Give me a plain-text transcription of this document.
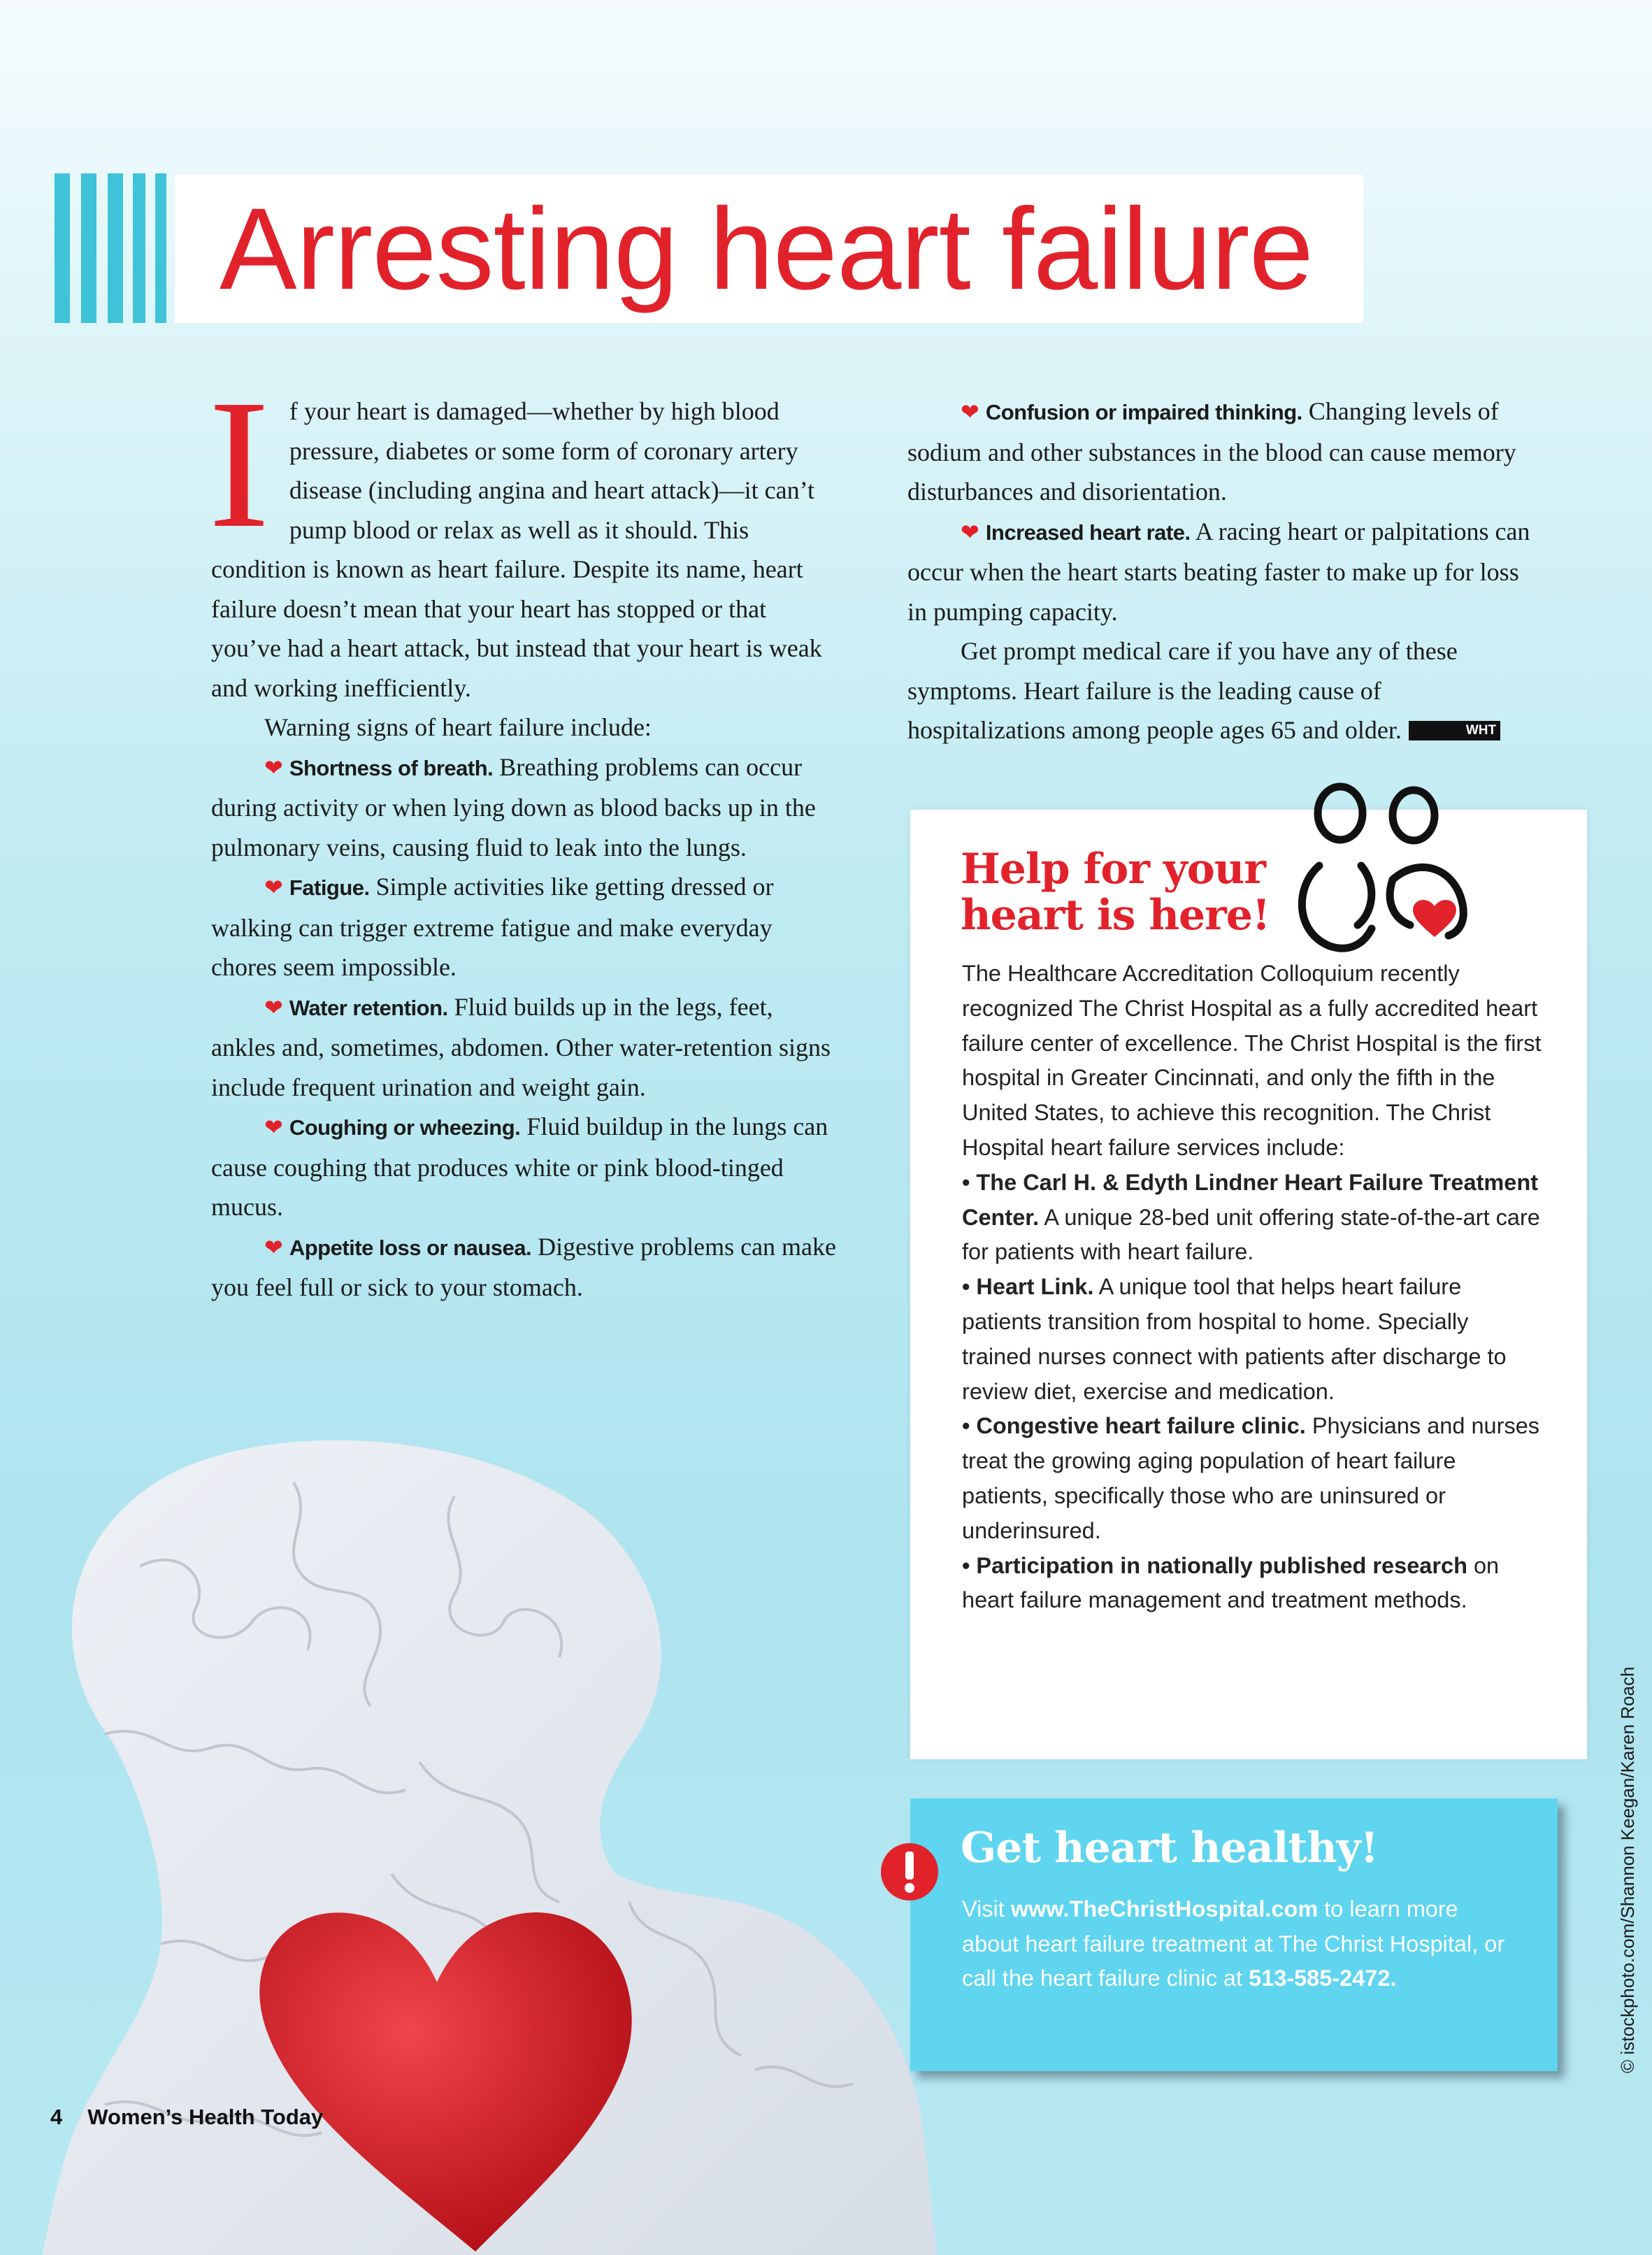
Arresting heart failure

If your heart is damaged—whether by high blood pressure, diabetes or some form of coronary artery disease (including angina and heart attack)—it can’t pump blood or relax as well as it should. This condition is known as heart failure. Despite its name, heart failure doesn’t mean that your heart has stopped or that you’ve had a heart attack, but instead that your heart is weak and working inefficiently.

Warning signs of heart failure include:

❤ Shortness of breath. Breathing problems can occur during activity or when lying down as blood backs up in the pulmonary veins, causing fluid to leak into the lungs.

❤ Fatigue. Simple activities like getting dressed or walking can trigger extreme fatigue and make everyday chores seem impossible.

❤ Water retention. Fluid builds up in the legs, feet, ankles and, sometimes, abdomen. Other water-retention signs include frequent urination and weight gain.

❤ Coughing or wheezing. Fluid buildup in the lungs can cause coughing that produces white or pink blood-tinged mucus.

❤ Appetite loss or nausea. Digestive problems can make you feel full or sick to your stomach.

❤ Confusion or impaired thinking. Changing levels of sodium and other substances in the blood can cause memory disturbances and disorientation.

❤ Increased heart rate. A racing heart or palpitations can occur when the heart starts beating faster to make up for loss in pumping capacity.

Get prompt medical care if you have any of these symptoms. Heart failure is the leading cause of hospitalizations among people ages 65 and older.	WHT

Help for your
heart is here!

The Healthcare Accreditation Colloquium recently recognized The Christ Hospital as a fully accredited heart failure center of excellence. The Christ Hospital is the first hospital in Greater Cincinnati, and only the fifth in the United States, to achieve this recognition. The Christ Hospital heart failure services include:
• The Carl H. & Edyth Lindner Heart Failure Treatment Center. A unique 28-bed unit offering state-of-the-art care for patients with heart failure.
• Heart Link. A unique tool that helps heart failure patients transition from hospital to home. Specially trained nurses connect with patients after discharge to review diet, exercise and medication.
• Congestive heart failure clinic. Physicians and nurses treat the growing aging population of heart failure patients, specifically those who are uninsured or underinsured.
• Participation in nationally published research on heart failure management and treatment methods.

Get heart healthy!

Visit www.TheChristHospital.com to learn more about heart failure treatment at The Christ Hospital, or call the heart failure clinic at 513-585-2472.	© istockphoto.com/Shannon Keegan/Karen Roach
4 Women’s Health Today
